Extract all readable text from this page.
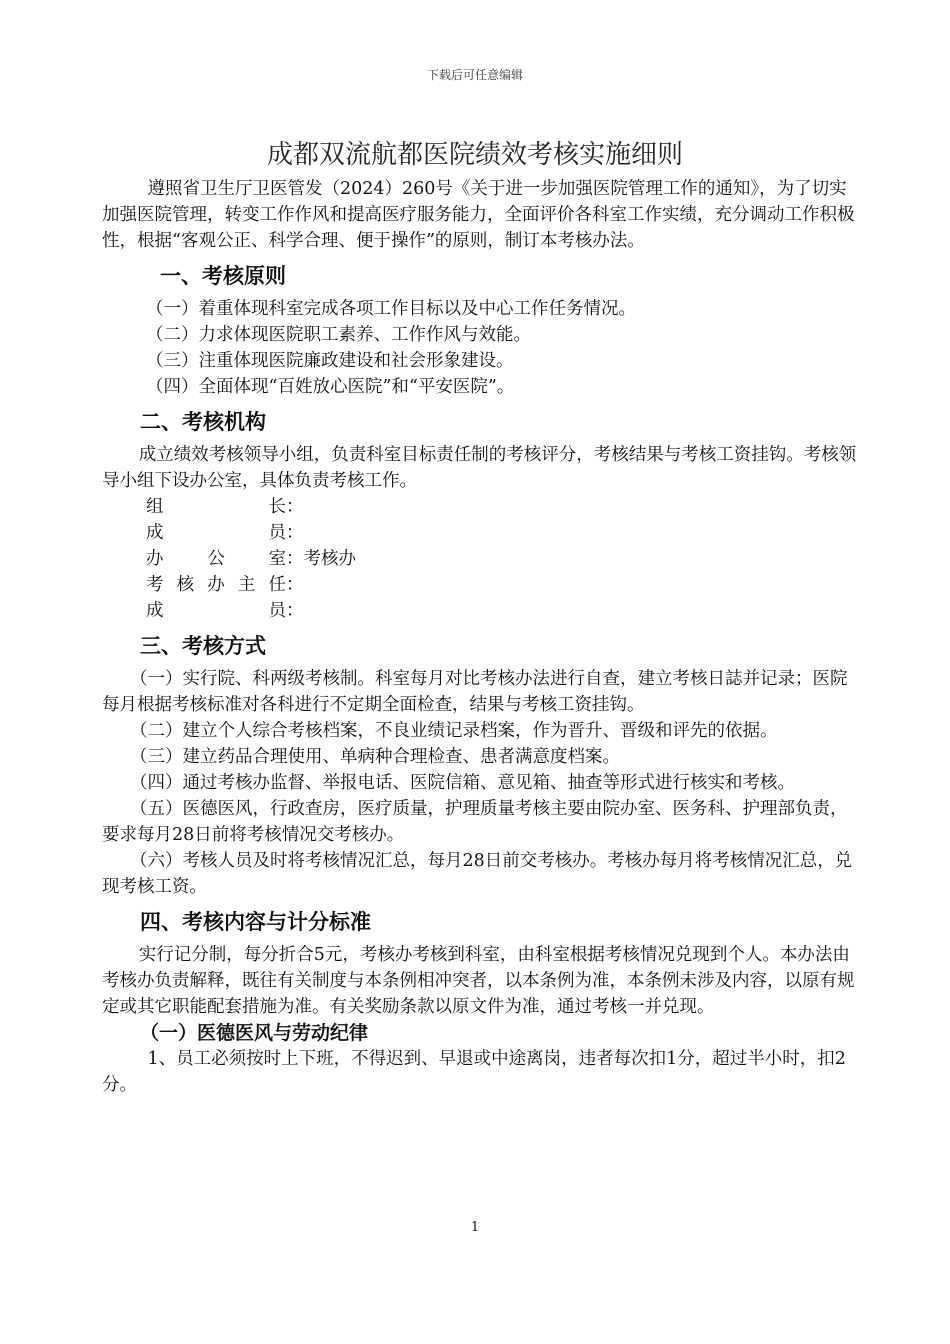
下载后可任意编辑
成都双流航都医院绩效考核实施细则

遵照省卫生厅卫医管发（2024）260号《关于进一步加强医院管理工作的通知》，为了切实加强医院管理，转变工作作风和提高医疗服务能力，全面评价各科室工作实绩，充分调动工作积极性，根据“客观公正、科学合理、便于操作”的原则，制订本考核办法。

一、考核原则

（一）着重体现科室完成各项工作目标以及中心工作任务情况。

（二）力求体现医院职工素养、工作作风与效能。

（三）注重体现医院廉政建设和社会形象建设。

（四）全面体现“百姓放心医院”和“平安医院”。

二、考核机构

成立绩效考核领导小组，负责科室目标责任制的考核评分，考核结果与考核工资挂钩。考核领导小组下设办公室，具体负责考核工作。

组	长 ：
成	员 ：
办	公	室 ： 考核办
考 核 办 主 任 ：
成	员 ：
三、考核方式

（一）实行院、科两级考核制。科室每月对比考核办法进行自查，建立考核日誌并记录；医院每月根据考核标准对各科进行不定期全面检查，结果与考核工资挂钩。

（二）建立个人综合考核档案，不良业绩记录档案，作为晋升、晋级和评先的依据。

（三）建立药品合理使用、单病种合理检查、患者满意度档案。

（四）通过考核办监督、举报电话、医院信箱、意见箱、抽查等形式进行核实和考核。

（五）医德医风，行政查房，医疗质量，护理质量考核主要由院办室、医务科、护理部负责，要求每月28日前将考核情况交考核办。

（六）考核人员及时将考核情况汇总，每月28日前交考核办。考核办每月将考核情况汇总，兑现考核工资。

四、考核内容与计分标准

实行记分制，每分折合5元，考核办考核到科室，由科室根据考核情况兑现到个人。本办法由考核办负责解释，既往有关制度与本条例相冲突者，以本条例为准，本条例未涉及内容，以原有规定或其它职能配套措施为准。有关奖励条款以原文件为准，通过考核一并兑现。

（一）医德医风与劳动纪律

1、员工必须按时上下班，不得迟到、早退或中途离岗，违者每次扣1分，超过半小时，扣2分。

1
